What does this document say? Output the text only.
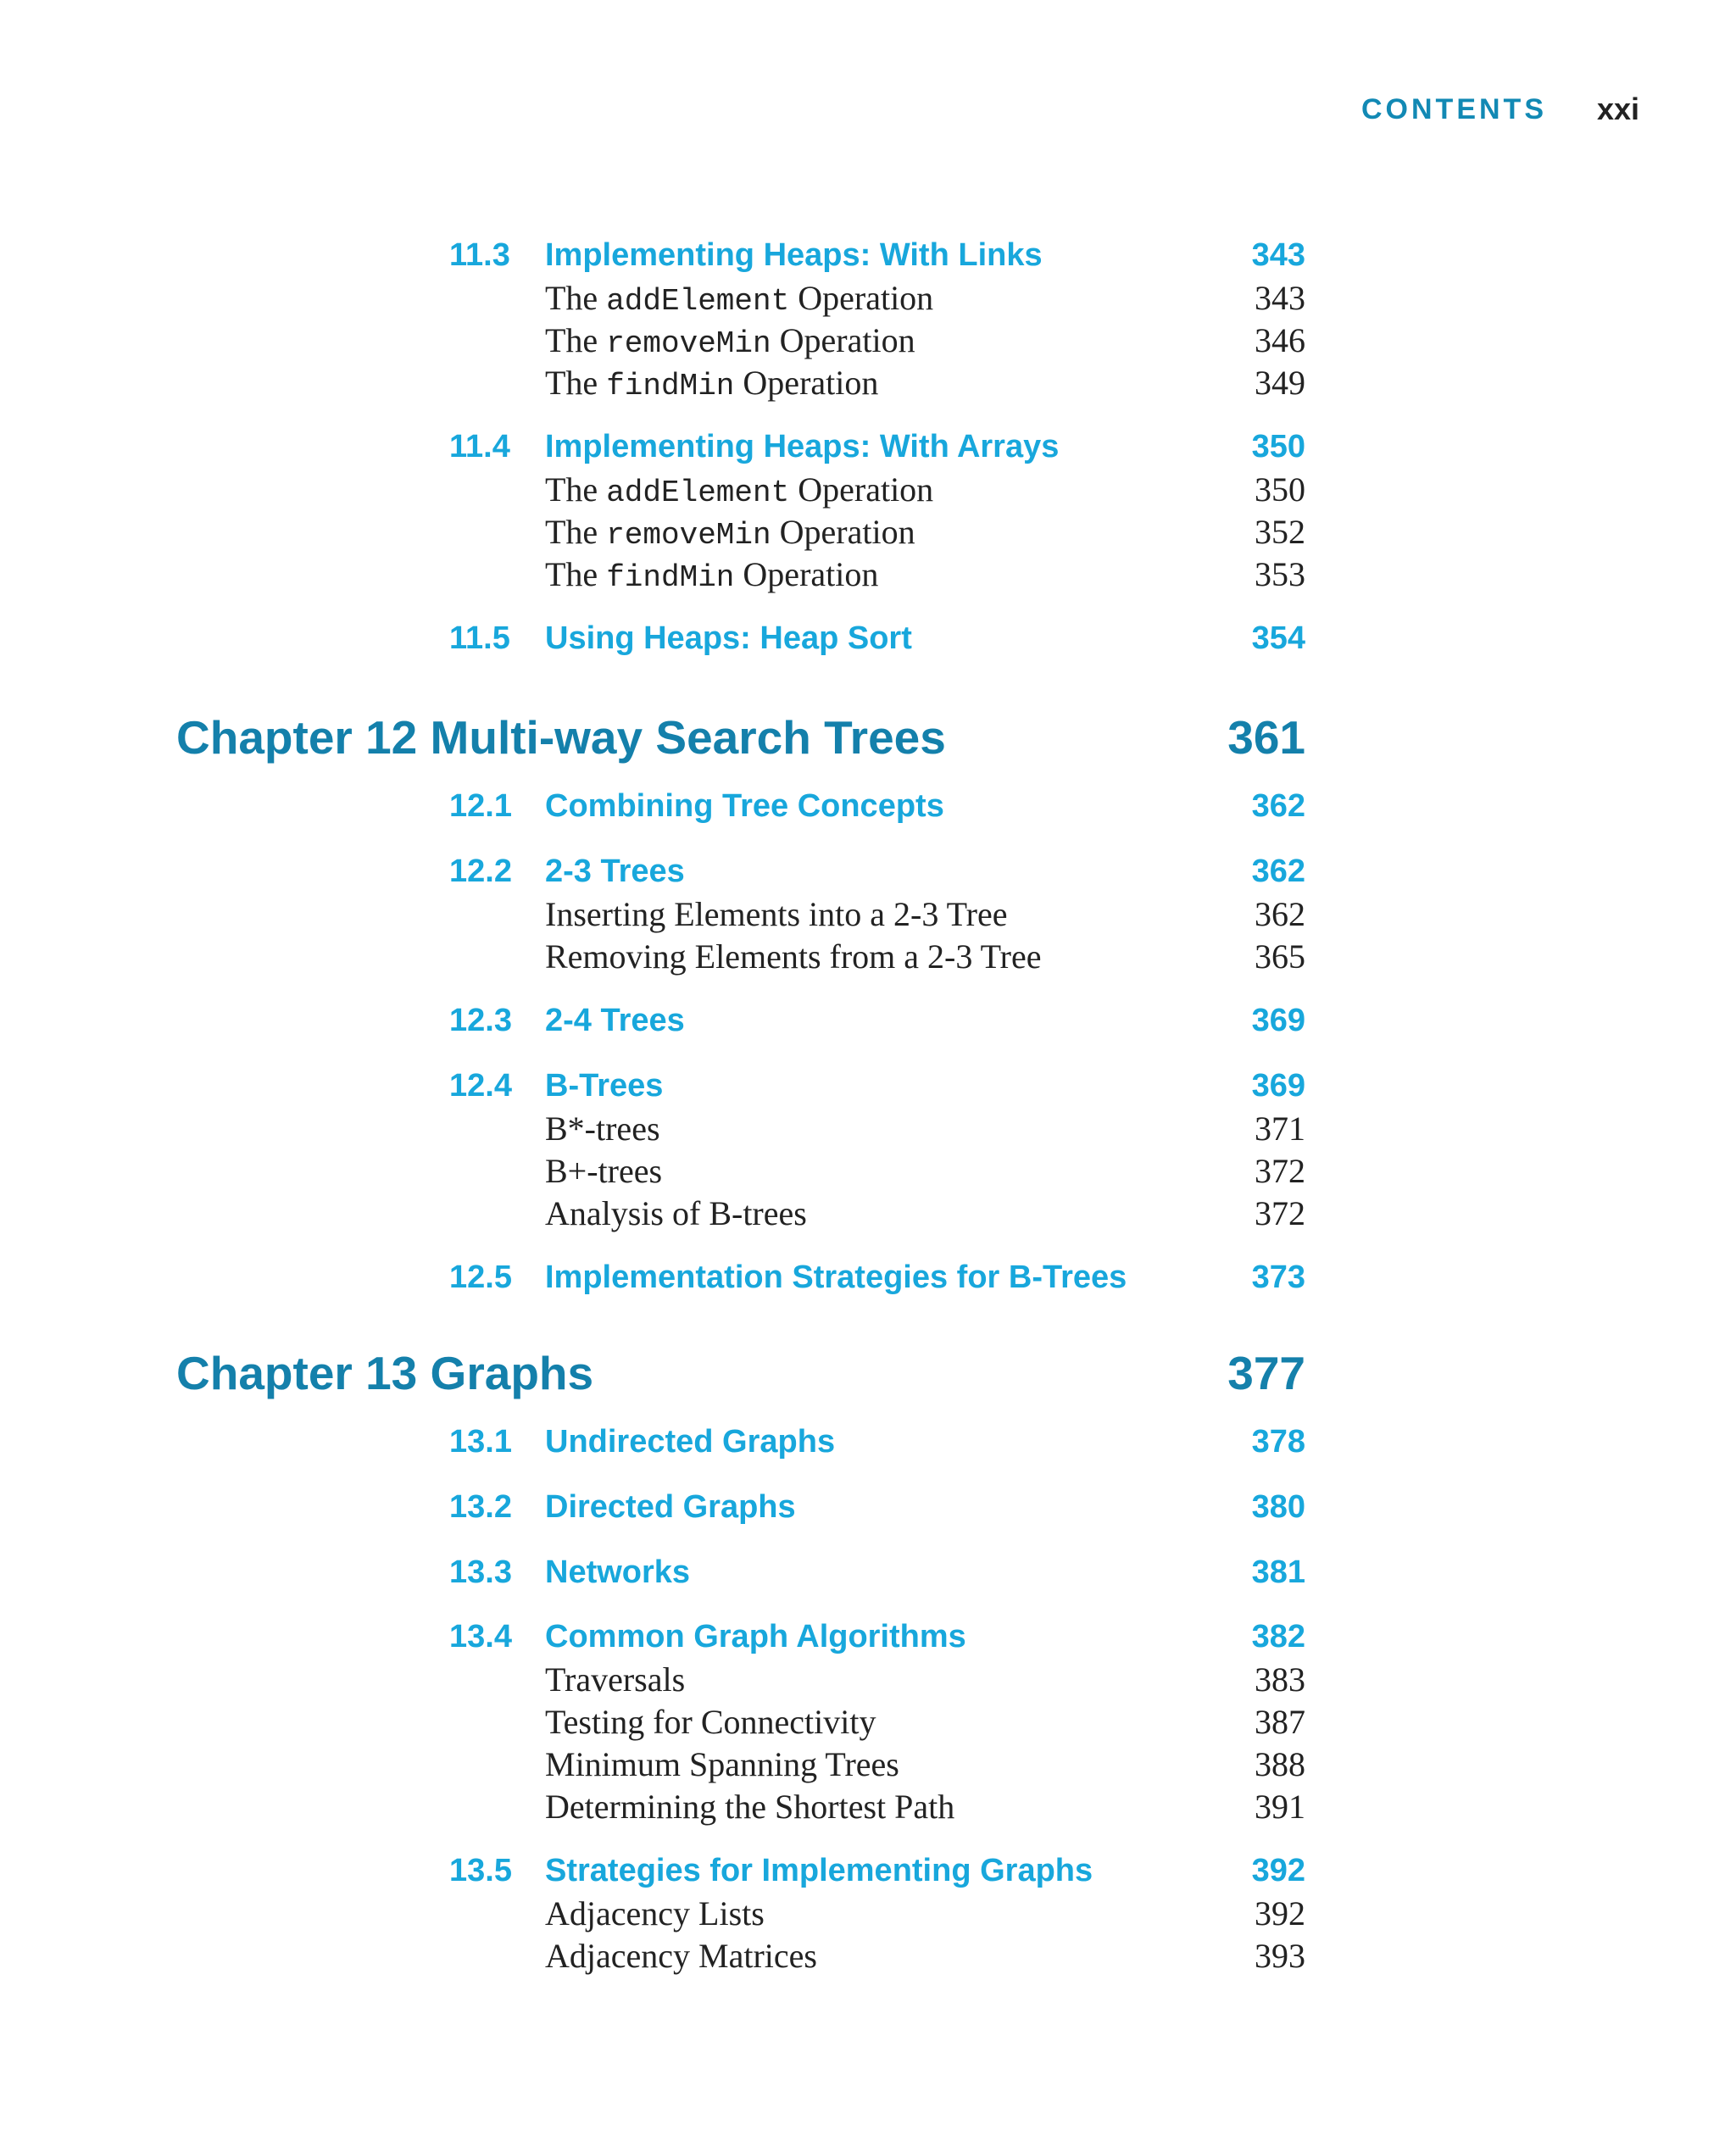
CONTENTS xxi
11.3 Implementing Heaps: With Links	343
The addElement Operation	343
The removeMin Operation	346
The findMin Operation	349
11.4 Implementing Heaps: With Arrays	350
The addElement Operation	350
The removeMin Operation	352
The findMin Operation	353
11.5 Using Heaps: Heap Sort	354
Chapter 12 Multi-way Search Trees	361
12.1 Combining Tree Concepts	362
12.2 2-3 Trees	362
Inserting Elements into a 2-3 Tree	362
Removing Elements from a 2-3 Tree	365
12.3 2-4 Trees	369
12.4 B-Trees	369
B*-trees	371
B+-trees	372
Analysis of B-trees	372
12.5 Implementation Strategies for B-Trees	373
Chapter 13 Graphs	377
13.1 Undirected Graphs	378
13.2 Directed Graphs	380
13.3 Networks	381
13.4 Common Graph Algorithms	382
Traversals	383
Testing for Connectivity	387
Minimum Spanning Trees	388
Determining the Shortest Path	391
13.5 Strategies for Implementing Graphs	392
Adjacency Lists	392
Adjacency Matrices	393
